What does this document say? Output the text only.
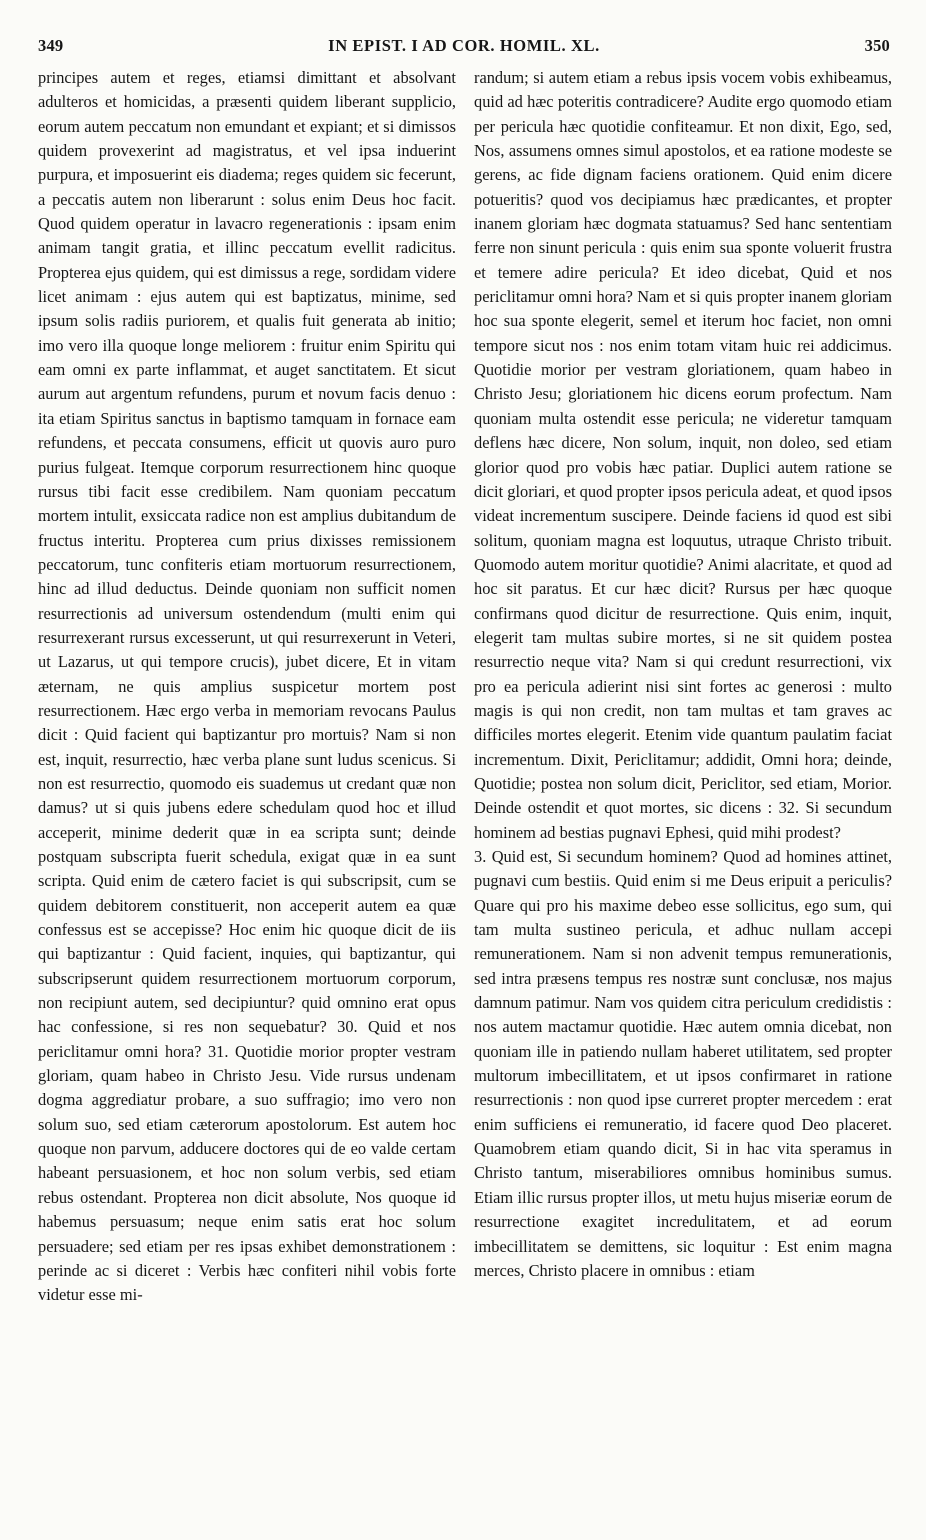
349	IN EPIST. I AD COR. HOMIL. XL.	350

principes autem et reges, etiamsi dimittant et absolvant adulteros et homicidas, a præsenti quidem liberant supplicio, eorum autem peccatum non emundant et expiant; et si dimissos quidem provexerint ad magistratus, et vel ipsa induerint purpura, et imposuerint eis diadema; reges quidem sic fecerunt, a peccatis autem non liberarunt : solus enim Deus hoc facit. Quod quidem operatur in lavacro regenerationis : ipsam enim animam tangit gratia, et illinc peccatum evellit radicitus. Propterea ejus quidem, qui est dimissus a rege, sordidam videre licet animam : ejus autem qui est baptizatus, minime, sed ipsum solis radiis puriorem, et qualis fuit generata ab initio; imo vero illa quoque longe meliorem : fruitur enim Spiritu qui eam omni ex parte inflammat, et auget sanctitatem. Et sicut aurum aut argentum refundens, purum et novum facis denuo : ita etiam Spiritus sanctus in baptismo tamquam in fornace eam refundens, et peccata consumens, efficit ut quovis auro puro purius fulgeat. Itemque corporum resurrectionem hinc quoque rursus tibi facit esse credibilem. Nam quoniam peccatum mortem intulit, exsiccata radice non est amplius dubitandum de fructus interitu. Propterea cum prius dixisses remissionem peccatorum, tunc confiteris etiam mortuorum resurrectionem, hinc ad illud deductus. Deinde quoniam non sufficit nomen resurrectionis ad universum ostendendum (multi enim qui resurrexerant rursus excesserunt, ut qui resurrexerunt in Veteri, ut Lazarus, ut qui tempore crucis), jubet dicere, Et in vitam æternam, ne quis amplius suspicetur mortem post resurrectionem. Hæc ergo verba in memoriam revocans Paulus dicit : Quid facient qui baptizantur pro mortuis? Nam si non est, inquit, resurrectio, hæc verba plane sunt ludus scenicus. Si non est resurrectio, quomodo eis suademus ut credant quæ non damus? ut si quis jubens edere schedulam quod hoc et illud acceperit, minime dederit quæ in ea scripta sunt; deinde postquam subscripta fuerit schedula, exigat quæ in ea sunt scripta. Quid enim de cætero faciet is qui subscripsit, cum se quidem debitorem constituerit, non acceperit autem ea quæ confessus est se accepisse? Hoc enim hic quoque dicit de iis qui baptizantur : Quid facient, inquies, qui baptizantur, qui subscripserunt quidem resurrectionem mortuorum corporum, non recipiunt autem, sed decipiuntur? quid omnino erat opus hac confessione, si res non sequebatur? 30. Quid et nos periclitamur omni hora? 31. Quotidie morior propter vestram gloriam, quam habeo in Christo Jesu. Vide rursus undenam dogma aggrediatur probare, a suo suffragio; imo vero non solum suo, sed etiam cæterorum apostolorum. Est autem hoc quoque non parvum, adducere doctores qui de eo valde certam habeant persuasionem, et hoc non solum verbis, sed etiam rebus ostendant. Propterea non dicit absolute, Nos quoque id habemus persuasum; neque enim satis erat hoc solum persuadere; sed etiam per res ipsas exhibet demonstrationem : perinde ac si diceret : Verbis hæc confiteri nihil vobis forte videtur esse mi-

randum; si autem etiam a rebus ipsis vocem vobis exhibeamus, quid ad hæc poteritis contradicere? Audite ergo quomodo etiam per pericula hæc quotidie confiteamur. Et non dixit, Ego, sed, Nos, assumens omnes simul apostolos, et ea ratione modeste se gerens, ac fide dignam faciens orationem. Quid enim dicere potueritis? quod vos decipiamus hæc prædicantes, et propter inanem gloriam hæc dogmata statuamus? Sed hanc sententiam ferre non sinunt pericula : quis enim sua sponte voluerit frustra et temere adire pericula? Et ideo dicebat, Quid et nos periclitamur omni hora? Nam et si quis propter inanem gloriam hoc sua sponte elegerit, semel et iterum hoc faciet, non omni tempore sicut nos : nos enim totam vitam huic rei addicimus. Quotidie morior per vestram gloriationem, quam habeo in Christo Jesu; gloriationem hic dicens eorum profectum. Nam quoniam multa ostendit esse pericula; ne videretur tamquam deflens hæc dicere, Non solum, inquit, non doleo, sed etiam glorior quod pro vobis hæc patiar. Duplici autem ratione se dicit gloriari, et quod propter ipsos pericula adeat, et quod ipsos videat incrementum suscipere. Deinde faciens id quod est sibi solitum, quoniam magna est loquutus, utraque Christo tribuit. Quomodo autem moritur quotidie? Animi alacritate, et quod ad hoc sit paratus. Et cur hæc dicit? Rursus per hæc quoque confirmans quod dicitur de resurrectione. Quis enim, inquit, elegerit tam multas subire mortes, si ne sit quidem postea resurrectio neque vita? Nam si qui credunt resurrectioni, vix pro ea pericula adierint nisi sint fortes ac generosi : multo magis is qui non credit, non tam multas et tam graves ac difficiles mortes elegerit. Etenim vide quantum paulatim faciat incrementum. Dixit, Periclitamur; addidit, Omni hora; deinde, Quotidie; postea non solum dicit, Periclitor, sed etiam, Morior. Deinde ostendit et quot mortes, sic dicens : 32. Si secundum hominem ad bestias pugnavi Ephesi, quid mihi prodest?
3. Quid est, Si secundum hominem? Quod ad homines attinet, pugnavi cum bestiis. Quid enim si me Deus eripuit a periculis? Quare qui pro his maxime debeo esse sollicitus, ego sum, qui tam multa sustineo pericula, et adhuc nullam accepi remunerationem. Nam si non advenit tempus remunerationis, sed intra præsens tempus res nostræ sunt conclusæ, nos majus damnum patimur. Nam vos quidem citra periculum credidistis : nos autem mactamur quotidie. Hæc autem omnia dicebat, non quoniam ille in patiendo nullam haberet utilitatem, sed propter multorum imbecillitatem, et ut ipsos confirmaret in ratione resurrectionis : non quod ipse curreret propter mercedem : erat enim sufficiens ei remuneratio, id facere quod Deo placeret. Quamobrem etiam quando dicit, Si in hac vita speramus in Christo tantum, miserabiliores omnibus hominibus sumus. Etiam illic rursus propter illos, ut metu hujus miseriæ eorum de resurrectione exagitet incredulitatem, et ad eorum imbecillitatem se demittens, sic loquitur : Est enim magna merces, Christo placere in omnibus : etiam
